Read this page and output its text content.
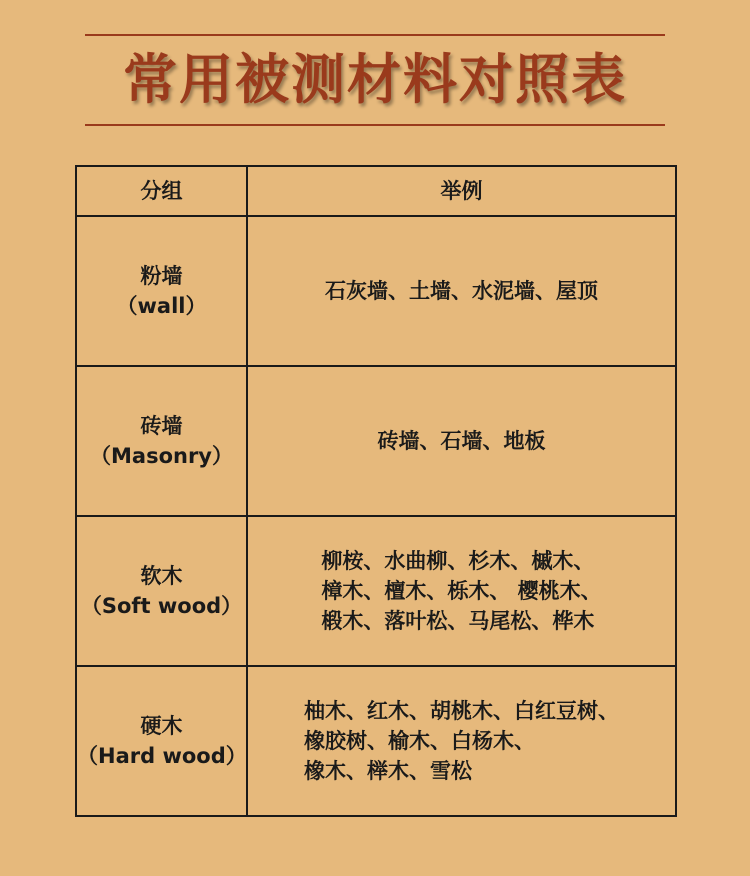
常用被测材料对照表
分组	举例

粉墙
（wall）	石灰墙、土墙、水泥墙、屋顶

砖墙
（Masonry）	砖墙、石墙、地板

软木
（Soft wood）	柳桉、水曲柳、杉木、槭木、
樟木、檀木、栎木、 樱桃木、
椴木、落叶松、马尾松、桦木

硬木
（Hard wood）	柚木、红木、胡桃木、白红豆树、
橡胶树、榆木、白杨木、
橡木、榉木、雪松
